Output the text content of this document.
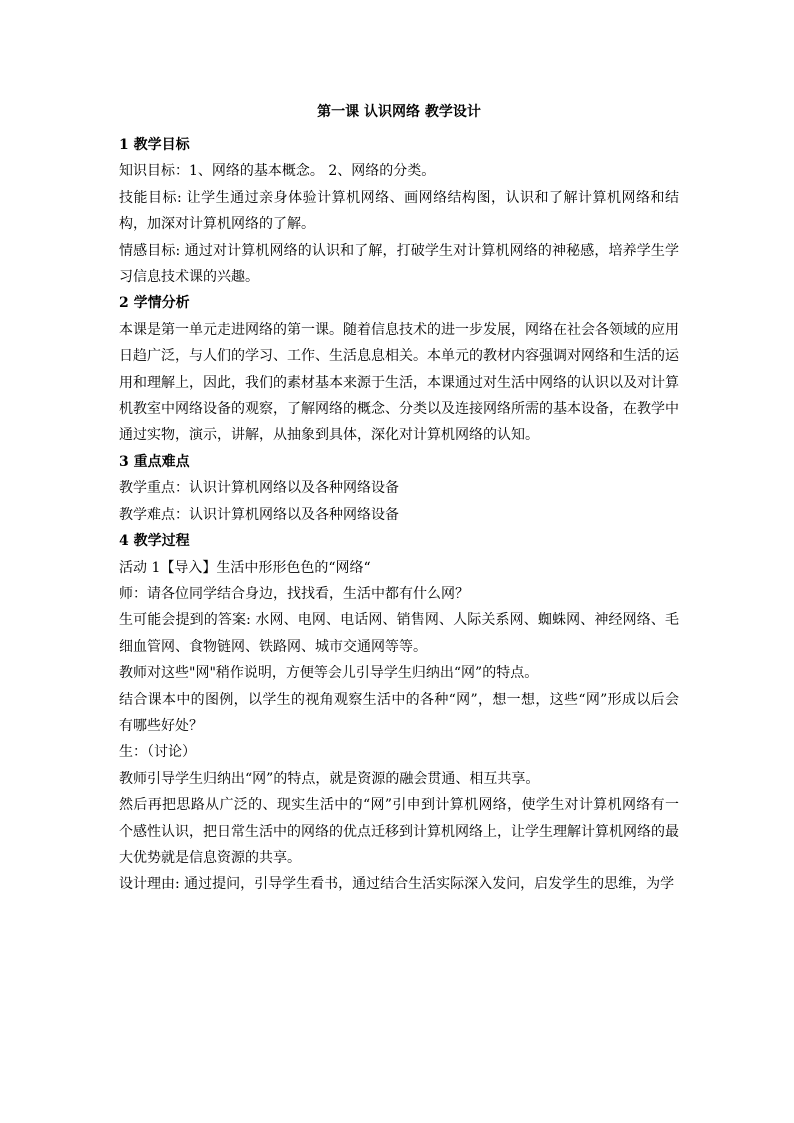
第一课 认识网络 教学设计
1 教学目标

知识目标：1、网络的基本概念。 2、网络的分类。

技能目标: 让学生通过亲身体验计算机网络、画网络结构图，认识和了解计算机网络和结构，加深对计算机网络的了解。

情感目标: 通过对计算机网络的认识和了解，打破学生对计算机网络的神秘感，培养学生学习信息技术课的兴趣。

2 学情分析

本课是第一单元走进网络的第一课。随着信息技术的进一步发展，网络在社会各领域的应用日趋广泛，与人们的学习、工作、生活息息相关。本单元的教材内容强调对网络和生活的运用和理解上，因此，我们的素材基本来源于生活，本课通过对生活中网络的认识以及对计算机教室中网络设备的观察，了解网络的概念、分类以及连接网络所需的基本设备，在教学中通过实物，演示，讲解，从抽象到具体，深化对计算机网络的认知。

3 重点难点

教学重点：认识计算机网络以及各种网络设备

教学难点：认识计算机网络以及各种网络设备

4 教学过程

活动 1【导入】生活中形形色色的“网络“

师：请各位同学结合身边，找找看，生活中都有什么网？

生可能会提到的答案: 水网、电网、电话网、销售网、人际关系网、蜘蛛网、神经网络、毛细血管网、食物链网、铁路网、城市交通网等等。

教师对这些"网"稍作说明，方便等会儿引导学生归纳出“网”的特点。

结合课本中的图例，以学生的视角观察生活中的各种“网”，想一想，这些“网”形成以后会有哪些好处？

生：（讨论）

教师引导学生归纳出“网”的特点，就是资源的融会贯通、相互共享。

然后再把思路从广泛的、现实生活中的“网”引申到计算机网络，使学生对计算机网络有一个感性认识，把日常生活中的网络的优点迁移到计算机网络上，让学生理解计算机网络的最大优势就是信息资源的共享。

设计理由: 通过提问，引导学生看书，通过结合生活实际深入发问，启发学生的思维，为学
